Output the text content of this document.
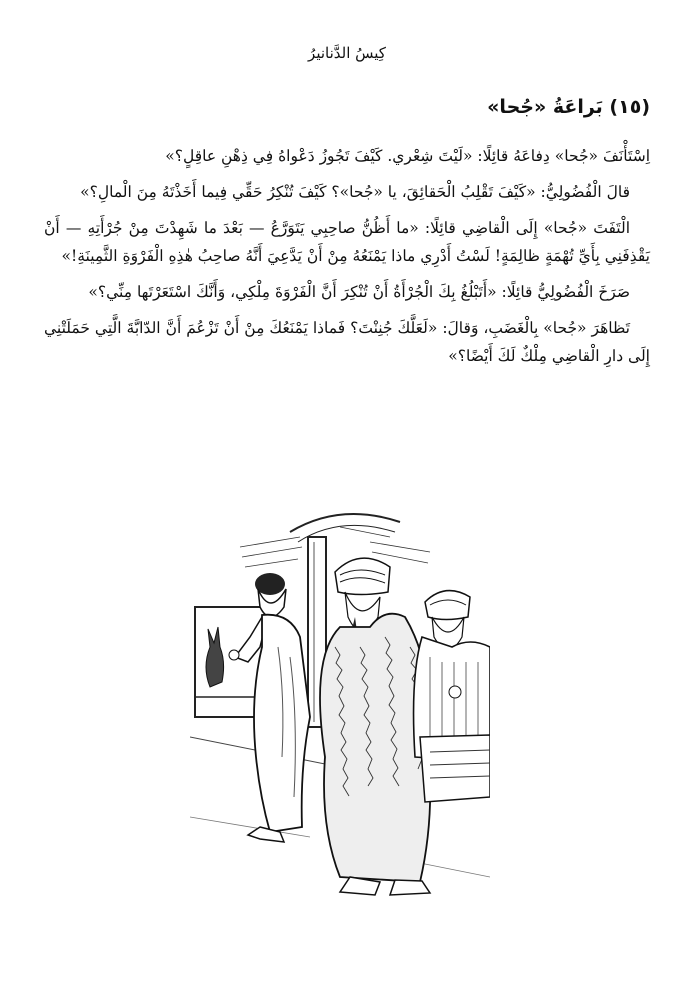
كِيسُ الدَّنانيرُ
(١٥) بَراعَةُ «جُحا»

اِسْتَأْنَفَ «جُحا» دِفاعَهُ قائِلًا: «لَيْتَ شِعْري. كَيْفَ تَجُوزُ دَعْواهُ فِي ذِهْنِ عاقِلٍ؟»

قالَ الْفُضُولِيُّ: «كَيْفَ تَقْلِبُ الْحَقائِقَ، يا «جُحا»؟ كَيْفَ تُنْكِرُ حَقِّي فِيما أَخَذْتَهُ مِنَ الْمالِ؟»

الْتَفَتَ «جُحا» إِلَى الْقاضِي قائِلًا: «ما أَظُنُّ صاحِبِي يَتَوَرَّعُ — بَعْدَ ما شَهِدْتَ مِنْ جُرْأَتِهِ — أَنْ يَقْذِفَنِي بِأَيِّ تُهْمَةٍ ظالِمَةٍ! لَسْتُ أَدْرِي ماذا يَمْنَعُهُ مِنْ أَنْ يَدَّعِيَ أَنَّهُ صاحِبُ هٰذِهِ الْفَرْوَةِ الثَّمِينَةِ!»

صَرَخَ الْفُضُولِيُّ قائِلًا: «أَتَبْلُغُ بِكَ الْجُرْأَةُ أَنْ تُنْكِرَ أَنَّ الْفَرْوَةَ مِلْكِي، وَأَنَّكَ اسْتَعَرْتَها مِنِّي؟»

تَظاهَرَ «جُحا» بِالْغَضَبِ، وَقالَ: «لَعَلَّكَ جُنِنْتَ؟ فَماذا يَمْنَعُكَ مِنْ أَنْ تَزْعُمَ أَنَّ الدّابَّةَ الَّتِي حَمَلَتْنِي إِلَى دارِ الْقاضِي مِلْكٌ لَكَ أَيْضًا؟»
